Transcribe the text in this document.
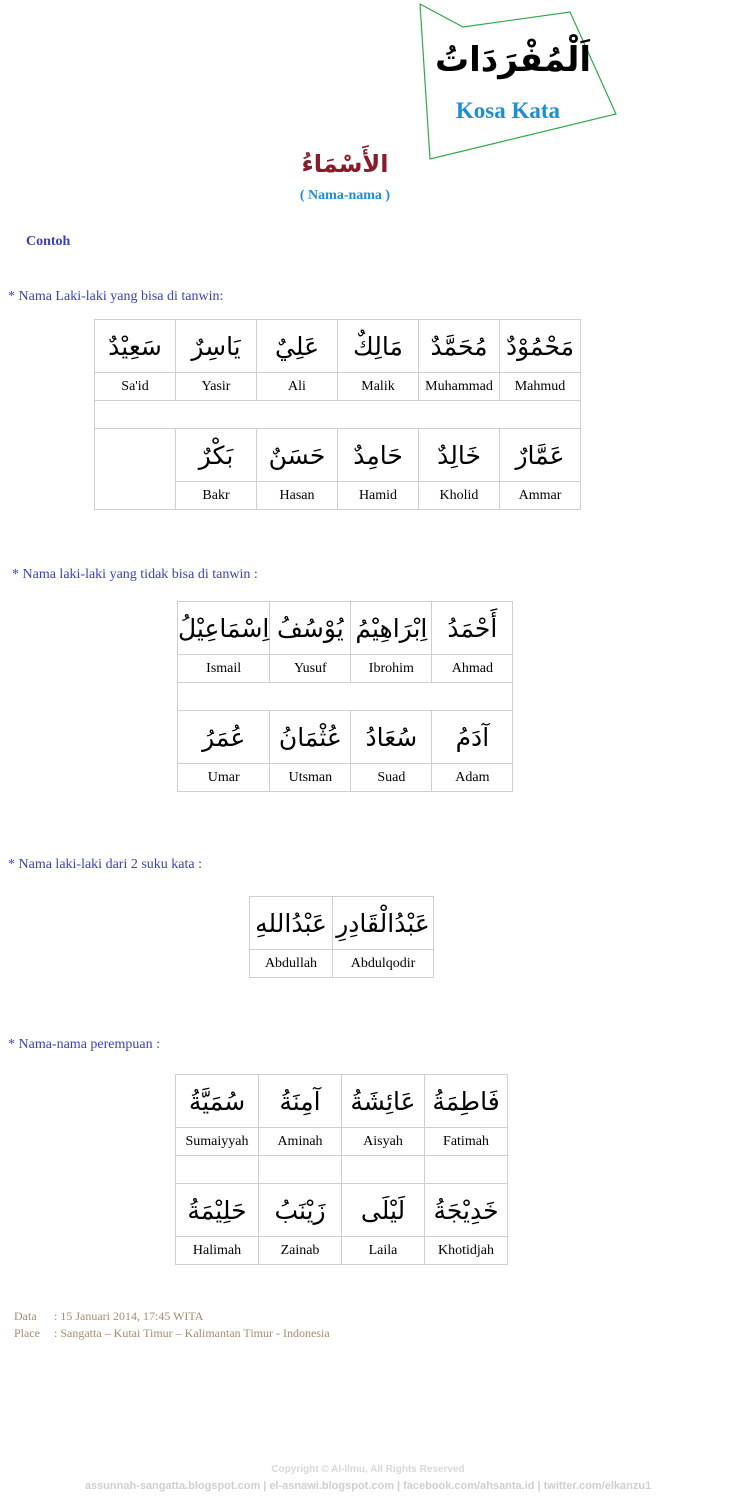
اَلْمُفْرَدَاتُ
Kosa Kata
الأَسْمَاءُ
( Nama-nama )
Contoh
* Nama Laki-laki yang bisa di tanwin:
سَعِيْدٌ	يَاسِرٌ	عَلِيٌ	مَالِكٌ	مُحَمَّدٌ	مَحْمُوْدٌ
Sa'id	Yasir	Ali	Malik	Muhammad	Mahmud

	بَكْرٌ	حَسَنٌ	حَامِدٌ	خَالِدٌ	عَمَّارٌ
	Bakr	Hasan	Hamid	Kholid	Ammar
* Nama laki-laki yang tidak bisa di tanwin :
اِسْمَاعِيْلُ	يُوْسُفُ	اِبْرَاهِيْمُ	أَحْمَدُ
Ismail	Yusuf	Ibrohim	Ahmad

عُمَرُ	عُثْمَانُ	سُعَادُ	آدَمُ
Umar	Utsman	Suad	Adam
* Nama laki-laki dari 2 suku kata :
عَبْدُاللهِ	عَبْدُالْقَادِرِ
Abdullah	Abdulqodir
* Nama-nama perempuan :
سُمَيَّةُ	آمِنَةُ	عَائِشَةُ	فَاطِمَةُ
Sumaiyyah	Aminah	Aisyah	Fatimah

حَلِيْمَةُ	زَيْنَبُ	لَيْلَى	خَدِيْجَةُ
Halimah	Zainab	Laila	Khotidjah
Data : 15 Januari 2014, 17:45 WITA
Place : Sangatta – Kutai Timur – Kalimantan Timur - Indonesia
Copyright © Al-Ilmu, All Rights Reserved
assunnah-sangatta.blogspot.com | el-asnawi.blogspot.com | facebook.com/ahsanta.id | twitter.com/elkanzu1
